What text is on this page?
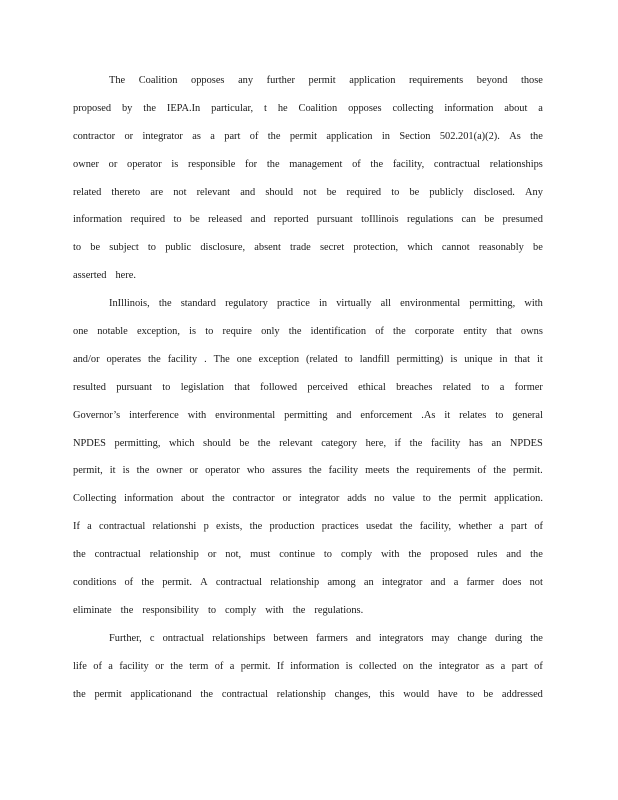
The Coalition opposes any further permit application requirements beyond those
proposed by the IEPA.In particular, t he Coalition opposes collecting information about a
contractor or integrator as a part of the permit application in Section 502.201(a)(2). As the
owner or operator is responsible for the management of the facility, contractual relationships
related thereto are not relevant and should not be required to be publicly disclosed. Any
information required to be released and reported pursuant toIllinois regulations can be presumed
to be subject to public disclosure, absent trade secret protection, which cannot reasonably be
asserted here.
InIllinois, the standard regulatory practice in virtually all environmental permitting, with
one notable exception, is to require only the identification of the corporate entity that owns
and/or operates the facility . The one exception (related to landfill permitting) is unique in that it
resulted pursuant to legislation that followed perceived ethical breaches related to a former
Governor’s interference with environmental permitting and enforcement .As it relates to general
NPDES permitting, which should be the relevant category here, if the facility has an NPDES
permit, it is the owner or operator who assures the facility meets the requirements of the permit.
Collecting information about the contractor or integrator adds no value to the permit application.
If a contractual relationshi p exists, the production practices usedat the facility, whether a part of
the contractual relationship or not, must continue to comply with the proposed rules and the
conditions of the permit. A contractual relationship among an integrator and a farmer does not
eliminate the responsibility to comply with the regulations.
Further, c ontractual relationships between farmers and integrators may change during the
life of a facility or the term of a permit. If information is collected on the integrator as a part of
the permit applicationand the contractual relationship changes, this would have to be addressed
